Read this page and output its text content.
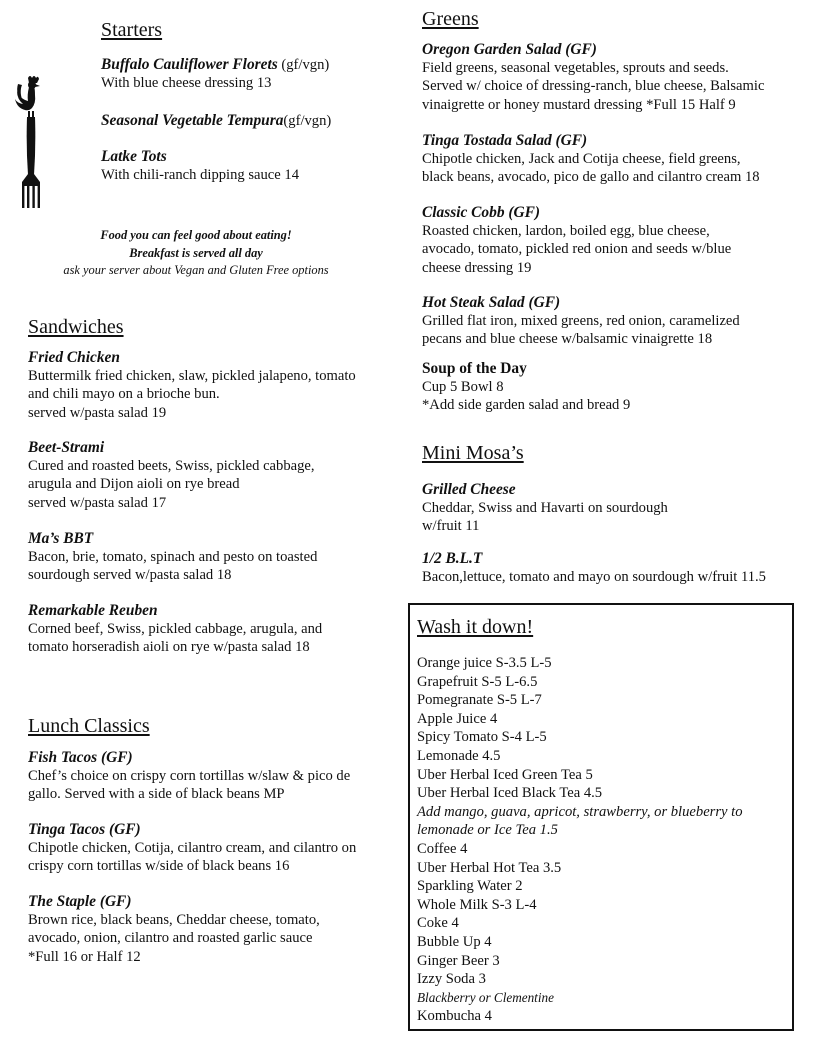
Starters
Buffalo Cauliflower Florets (gf/vgn)
With blue cheese dressing 13
Seasonal Vegetable Tempura(gf/vgn)
Latke Tots
With chili-ranch dipping sauce 14
Food you can feel good about eating!
Breakfast is served all day
ask your server about Vegan and Gluten Free options
Sandwiches
Fried Chicken
Buttermilk fried chicken, slaw, pickled jalapeno, tomato
and chili mayo on a brioche bun.
served w/pasta salad 19
Beet-Strami
Cured and roasted beets, Swiss, pickled cabbage,
arugula and Dijon aioli on rye bread
served w/pasta salad 17
Ma’s BBT
Bacon, brie, tomato, spinach and pesto on toasted
sourdough served w/pasta salad 18
Remarkable Reuben
Corned beef, Swiss, pickled cabbage, arugula, and
tomato horseradish aioli on rye w/pasta salad 18
Lunch Classics
Fish Tacos (GF)
Chef’s choice on crispy corn tortillas w/slaw & pico de
gallo. Served with a side of black beans MP
Tinga Tacos (GF)
Chipotle chicken, Cotija, cilantro cream, and cilantro on
crispy corn tortillas w/side of black beans 16
The Staple (GF)
Brown rice, black beans, Cheddar cheese, tomato,
avocado, onion, cilantro and roasted garlic sauce
*Full 16 or Half 12
Greens
Oregon Garden Salad (GF)
Field greens, seasonal vegetables, sprouts and seeds.
Served w/ choice of dressing-ranch, blue cheese, Balsamic
vinaigrette or honey mustard dressing *Full 15 Half 9
Tinga Tostada Salad (GF)
Chipotle chicken, Jack and Cotija cheese, field greens,
black beans, avocado, pico de gallo and cilantro cream 18
Classic Cobb (GF)
Roasted chicken, lardon, boiled egg, blue cheese,
avocado, tomato, pickled red onion and seeds w/blue
cheese dressing 19
Hot Steak Salad (GF)
Grilled flat iron, mixed greens, red onion, caramelized
pecans and blue cheese w/balsamic vinaigrette 18
Soup of the Day
Cup 5 Bowl 8
*Add side garden salad and bread 9
Mini Mosa’s
Grilled Cheese
Cheddar, Swiss and Havarti on sourdough
w/fruit 11
1/2 B.L.T
Bacon,lettuce, tomato and mayo on sourdough w/fruit 11.5
Wash it down!
Orange juice S-3.5 L-5
Grapefruit S-5 L-6.5
Pomegranate S-5 L-7
Apple Juice 4
Spicy Tomato S-4 L-5
Lemonade 4.5
Uber Herbal Iced Green Tea 5
Uber Herbal Iced Black Tea 4.5
Add mango, guava, apricot, strawberry, or blueberry to
lemonade or Ice Tea 1.5
Coffee 4
Uber Herbal Hot Tea 3.5
Sparkling Water 2
Whole Milk S-3 L-4
Coke 4
Bubble Up 4
Ginger Beer 3
Izzy Soda 3
Blackberry or Clementine
Kombucha 4
